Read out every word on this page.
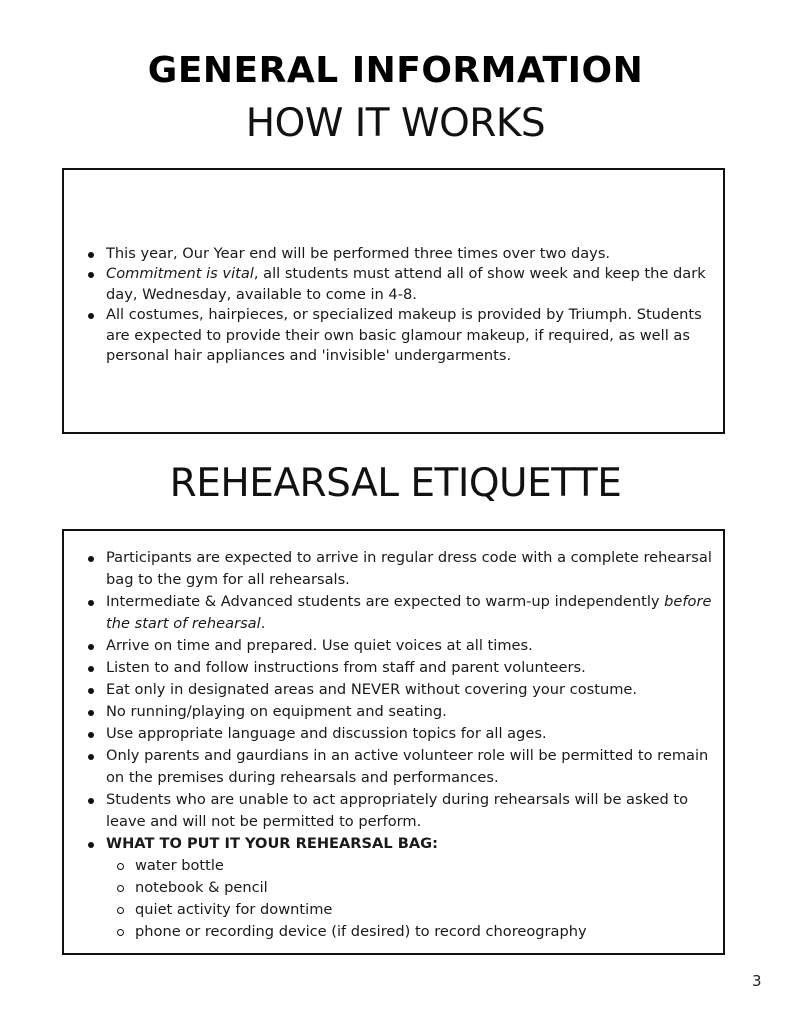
GENERAL INFORMATION
HOW IT WORKS
This year, Our Year end will be performed three times over two days.
Commitment is vital, all students must attend all of show week and keep the dark day, Wednesday, available to come in 4-8.
All costumes, hairpieces, or specialized makeup is provided by Triumph. Students are expected to provide their own basic glamour makeup, if required, as well as personal hair appliances and 'invisible' undergarments.
REHEARSAL ETIQUETTE
Participants are expected to arrive in regular dress code with a complete rehearsal bag to the gym for all rehearsals.
Intermediate & Advanced students are expected to warm-up independently before the start of rehearsal.
Arrive on time and prepared. Use quiet voices at all times.
Listen to and follow instructions from staff and parent volunteers.
Eat only in designated areas and NEVER without covering your costume.
No running/playing on equipment and seating.
Use appropriate language and discussion topics for all ages.
Only parents and gaurdians in an active volunteer role will be permitted to remain on the premises during rehearsals and performances.
Students who are unable to act appropriately during rehearsals will be asked to leave and will not be permitted to perform.
WHAT TO PUT IT YOUR REHEARSAL BAG:
water bottle
notebook & pencil
quiet activity for downtime
phone or recording device (if desired) to record choreography
3
